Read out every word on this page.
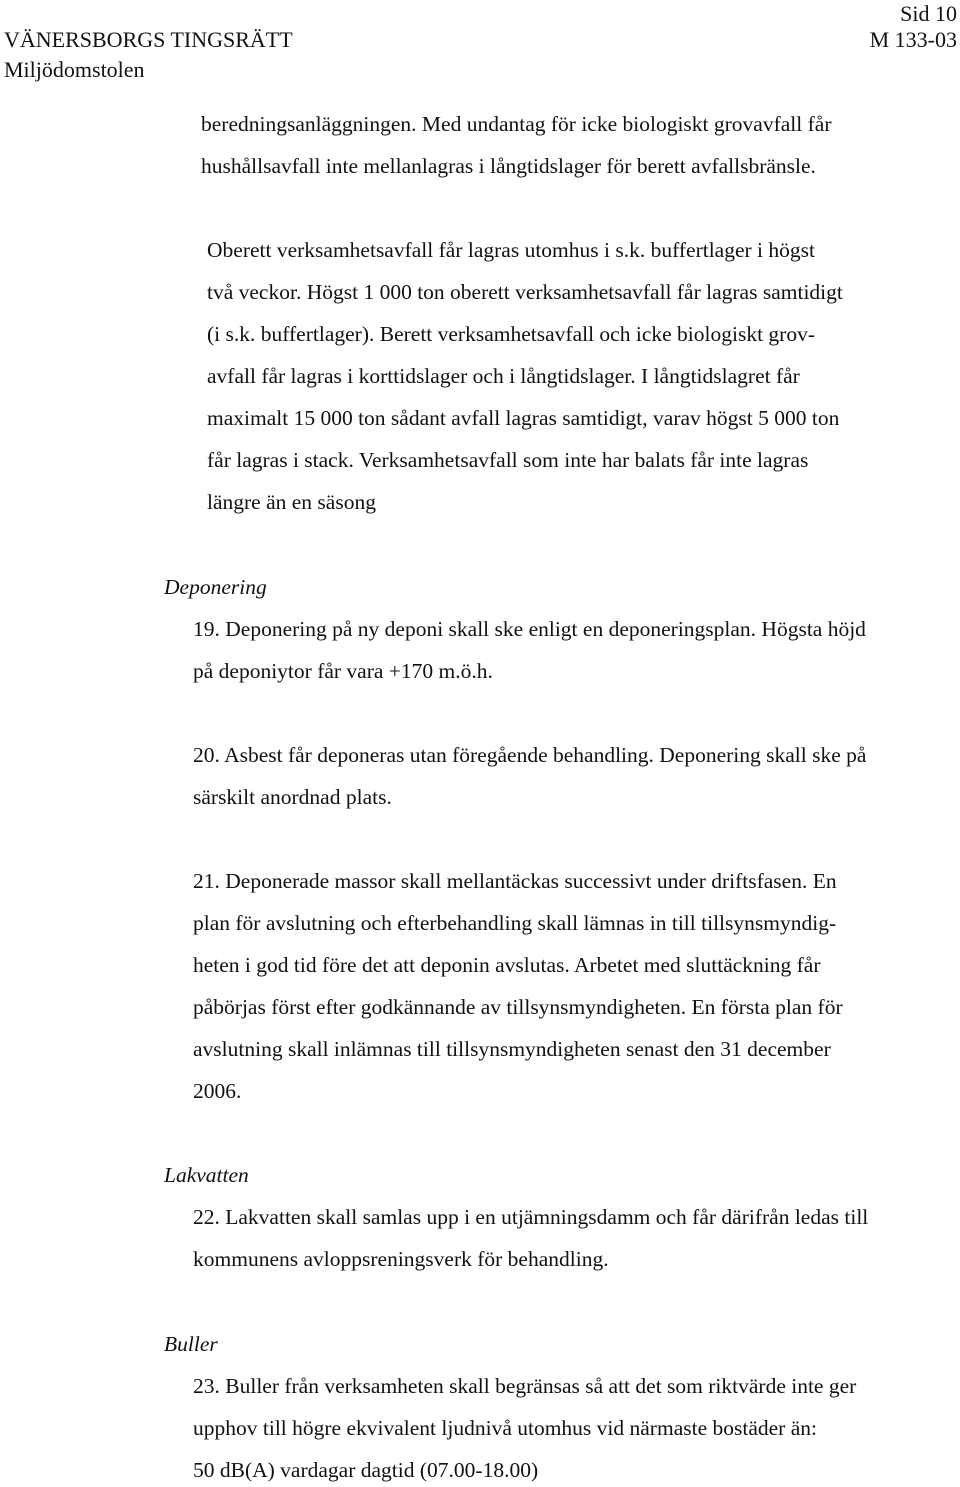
Sid 10
VÄNERSBORGS TINGSRÄTT	M 133-03
Miljödomstolen
beredningsanläggningen. Med undantag för icke biologiskt grovavfall får
hushållsavfall inte mellanlagras i långtidslager för berett avfallsbränsle.
Oberett verksamhetsavfall får lagras utomhus i s.k. buffertlager i högst
två veckor. Högst 1 000 ton oberett verksamhetsavfall får lagras samtidigt
(i s.k. buffertlager). Berett verksamhetsavfall och icke biologiskt grov-
avfall får lagras i korttidslager och i långtidslager. I långtidslagret får
maximalt 15 000 ton sådant avfall lagras samtidigt, varav högst 5 000 ton
får lagras i stack. Verksamhetsavfall som inte har balats får inte lagras
längre än en säsong
Deponering
19. Deponering på ny deponi skall ske enligt en deponeringsplan. Högsta höjd
på deponiytor får vara +170 m.ö.h.
20. Asbest får deponeras utan föregående behandling. Deponering skall ske på
särskilt anordnad plats.
21. Deponerade massor skall mellantäckas successivt under driftsfasen. En
plan för avslutning och efterbehandling skall lämnas in till tillsynsmyndig-
heten i god tid före det att deponin avslutas. Arbetet med sluttäckning får
påbörjas först efter godkännande av tillsynsmyndigheten. En första plan för
avslutning skall inlämnas till tillsynsmyndigheten senast den 31 december
2006.
Lakvatten
22. Lakvatten skall samlas upp i en utjämningsdamm och får därifrån ledas till
kommunens avloppsreningsverk för behandling.
Buller
23. Buller från verksamheten skall begränsas så att det som riktvärde inte ger
upphov till högre ekvivalent ljudnivå utomhus vid närmaste bostäder än:
50 dB(A) vardagar dagtid (07.00-18.00)
